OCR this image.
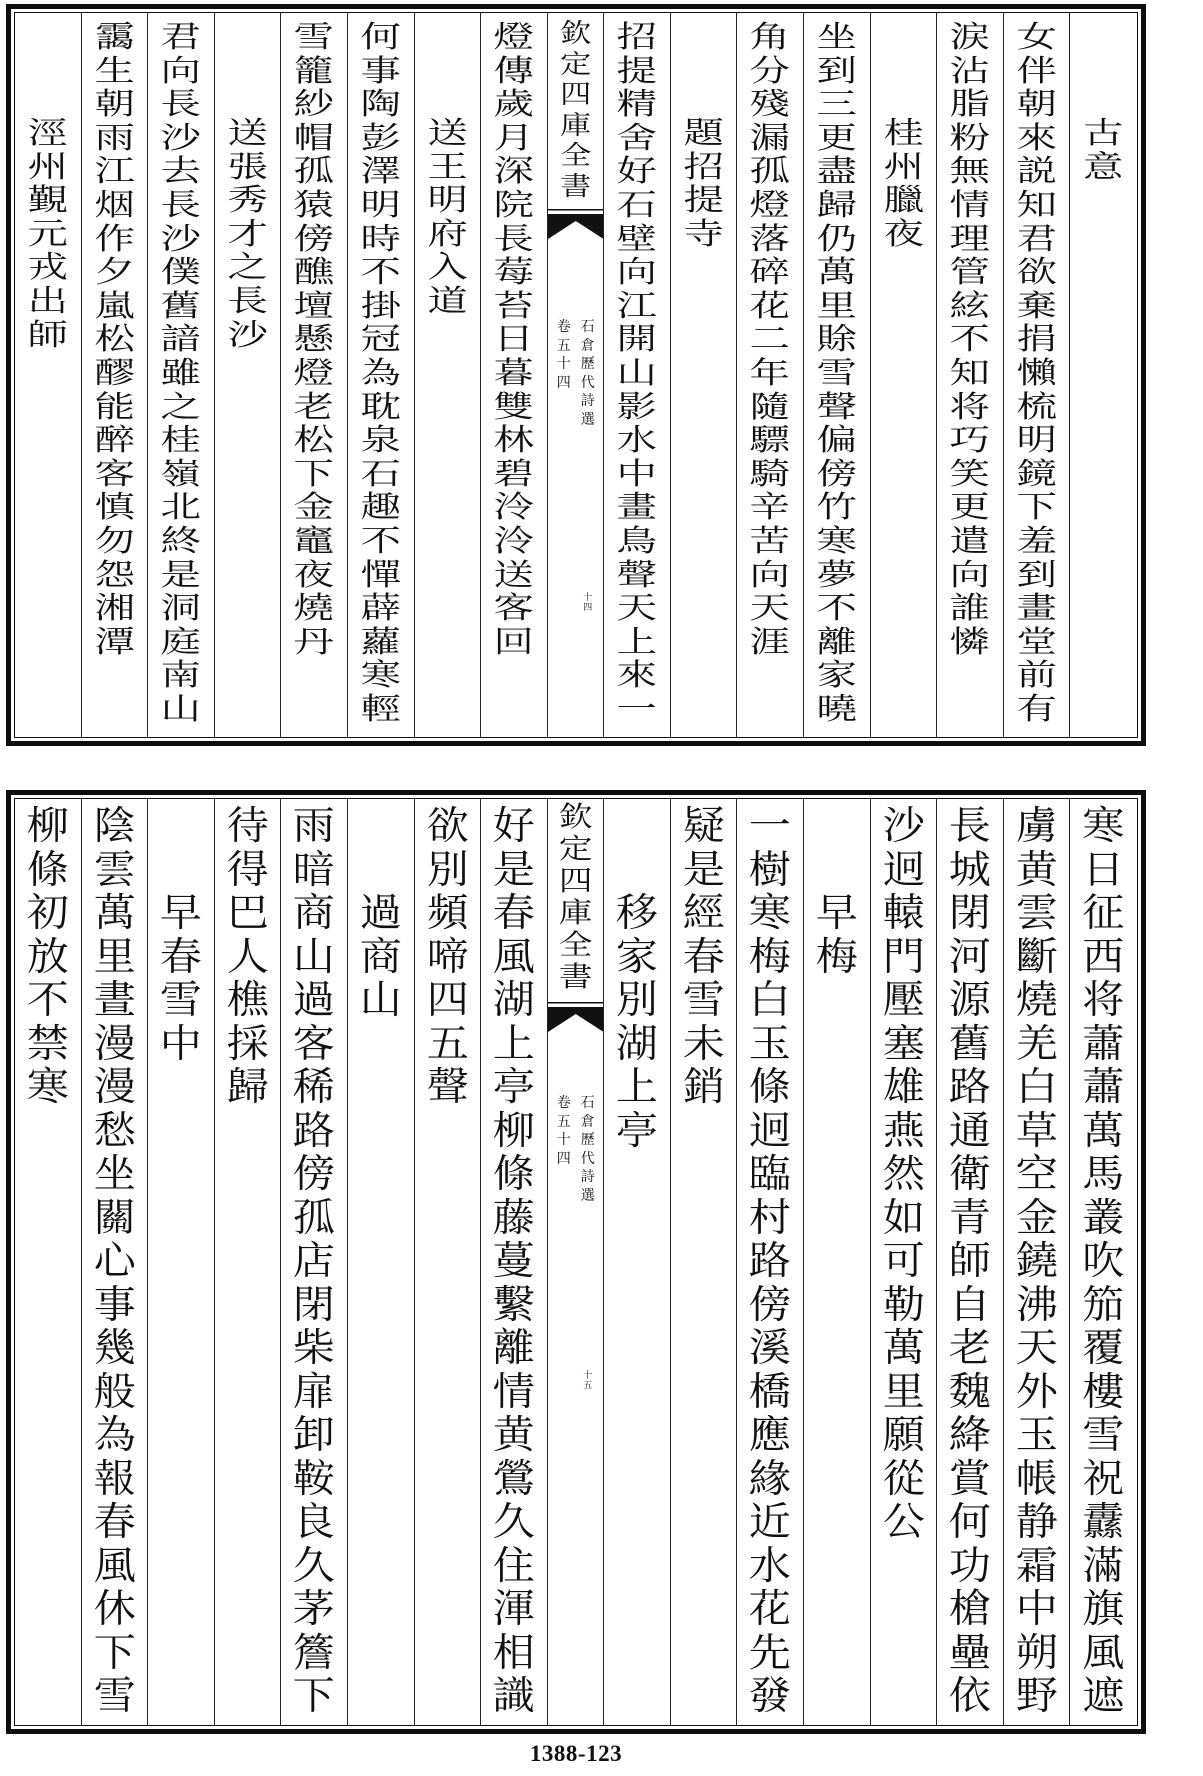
古
意
女
伴
朝
來
説
知
君
欲
棄
捐
懶
梳
明
鏡
下
羞
到
畫
堂
前
有
涙
沾
脂
粉
無
情
理
管
絃
不
知
将
巧
笑
更
遣
向
誰
憐
桂
州
臘
夜
坐
到
三
更
盡
歸
仍
萬
里
賖
雪
聲
偏
傍
竹
寒
夢
不
離
家
曉
角
分
殘
漏
孤
燈
落
碎
花
二
年
隨
驃
騎
辛
苦
向
天
涯
題
招
提
寺
招
提
精
舍
好
石
壁
向
江
開
山
影
水
中
畫
鳥
聲
天
上
來
一
欽
定
四
庫
全
書
石
倉
歷
代
詩
選
卷
五
十
四
十
四
燈
傳
歲
月
深
院
長
莓
苔
日
暮
雙
林
碧
泠
泠
送
客
回
送
王
明
府
入
道
何
事
陶
彭
澤
明
時
不
掛
冠
為
耽
泉
石
趣
不
憚
薜
蘿
寒
輕
雪
籠
紗
帽
孤
猿
傍
醮
壇
懸
燈
老
松
下
金
竈
夜
燒
丹
送
張
秀
才
之
長
沙
君
向
長
沙
去
長
沙
僕
舊
諳
雖
之
桂
嶺
北
終
是
洞
庭
南
山
靄
生
朝
雨
江
烟
作
夕
嵐
松
醪
能
醉
客
慎
勿
怨
湘
潭
涇
州
覲
元
戎
出
師
寒
日
征
西
将
蕭
蕭
萬
馬
叢
吹
笳
覆
樓
雪
祝
纛
滿
旗
風
遮
虜
黄
雲
斷
燒
羌
白
草
空
金
鐃
沸
天
外
玉
帳
静
霜
中
朔
野
長
城
閉
河
源
舊
路
通
衛
青
師
自
老
魏
絳
賞
何
功
槍
壘
依
沙
迥
轅
門
壓
塞
雄
燕
然
如
可
勒
萬
里
願
從
公
早
梅
一
樹
寒
梅
白
玉
條
迥
臨
村
路
傍
溪
橋
應
緣
近
水
花
先
發
疑
是
經
春
雪
未
銷
移
家
別
湖
上
亭
欽
定
四
庫
全
書
石
倉
歷
代
詩
選
卷
五
十
四
十
五
好
是
春
風
湖
上
亭
柳
條
藤
蔓
繫
離
情
黄
鶯
久
住
渾
相
識
欲
別
頻
啼
四
五
聲
過
商
山
雨
暗
商
山
過
客
稀
路
傍
孤
店
閉
柴
扉
卸
鞍
良
久
茅
簷
下
待
得
巴
人
樵
採
歸
早
春
雪
中
陰
雲
萬
里
晝
漫
漫
愁
坐
關
心
事
幾
般
為
報
春
風
休
下
雪
柳
條
初
放
不
禁
寒
1388-123
